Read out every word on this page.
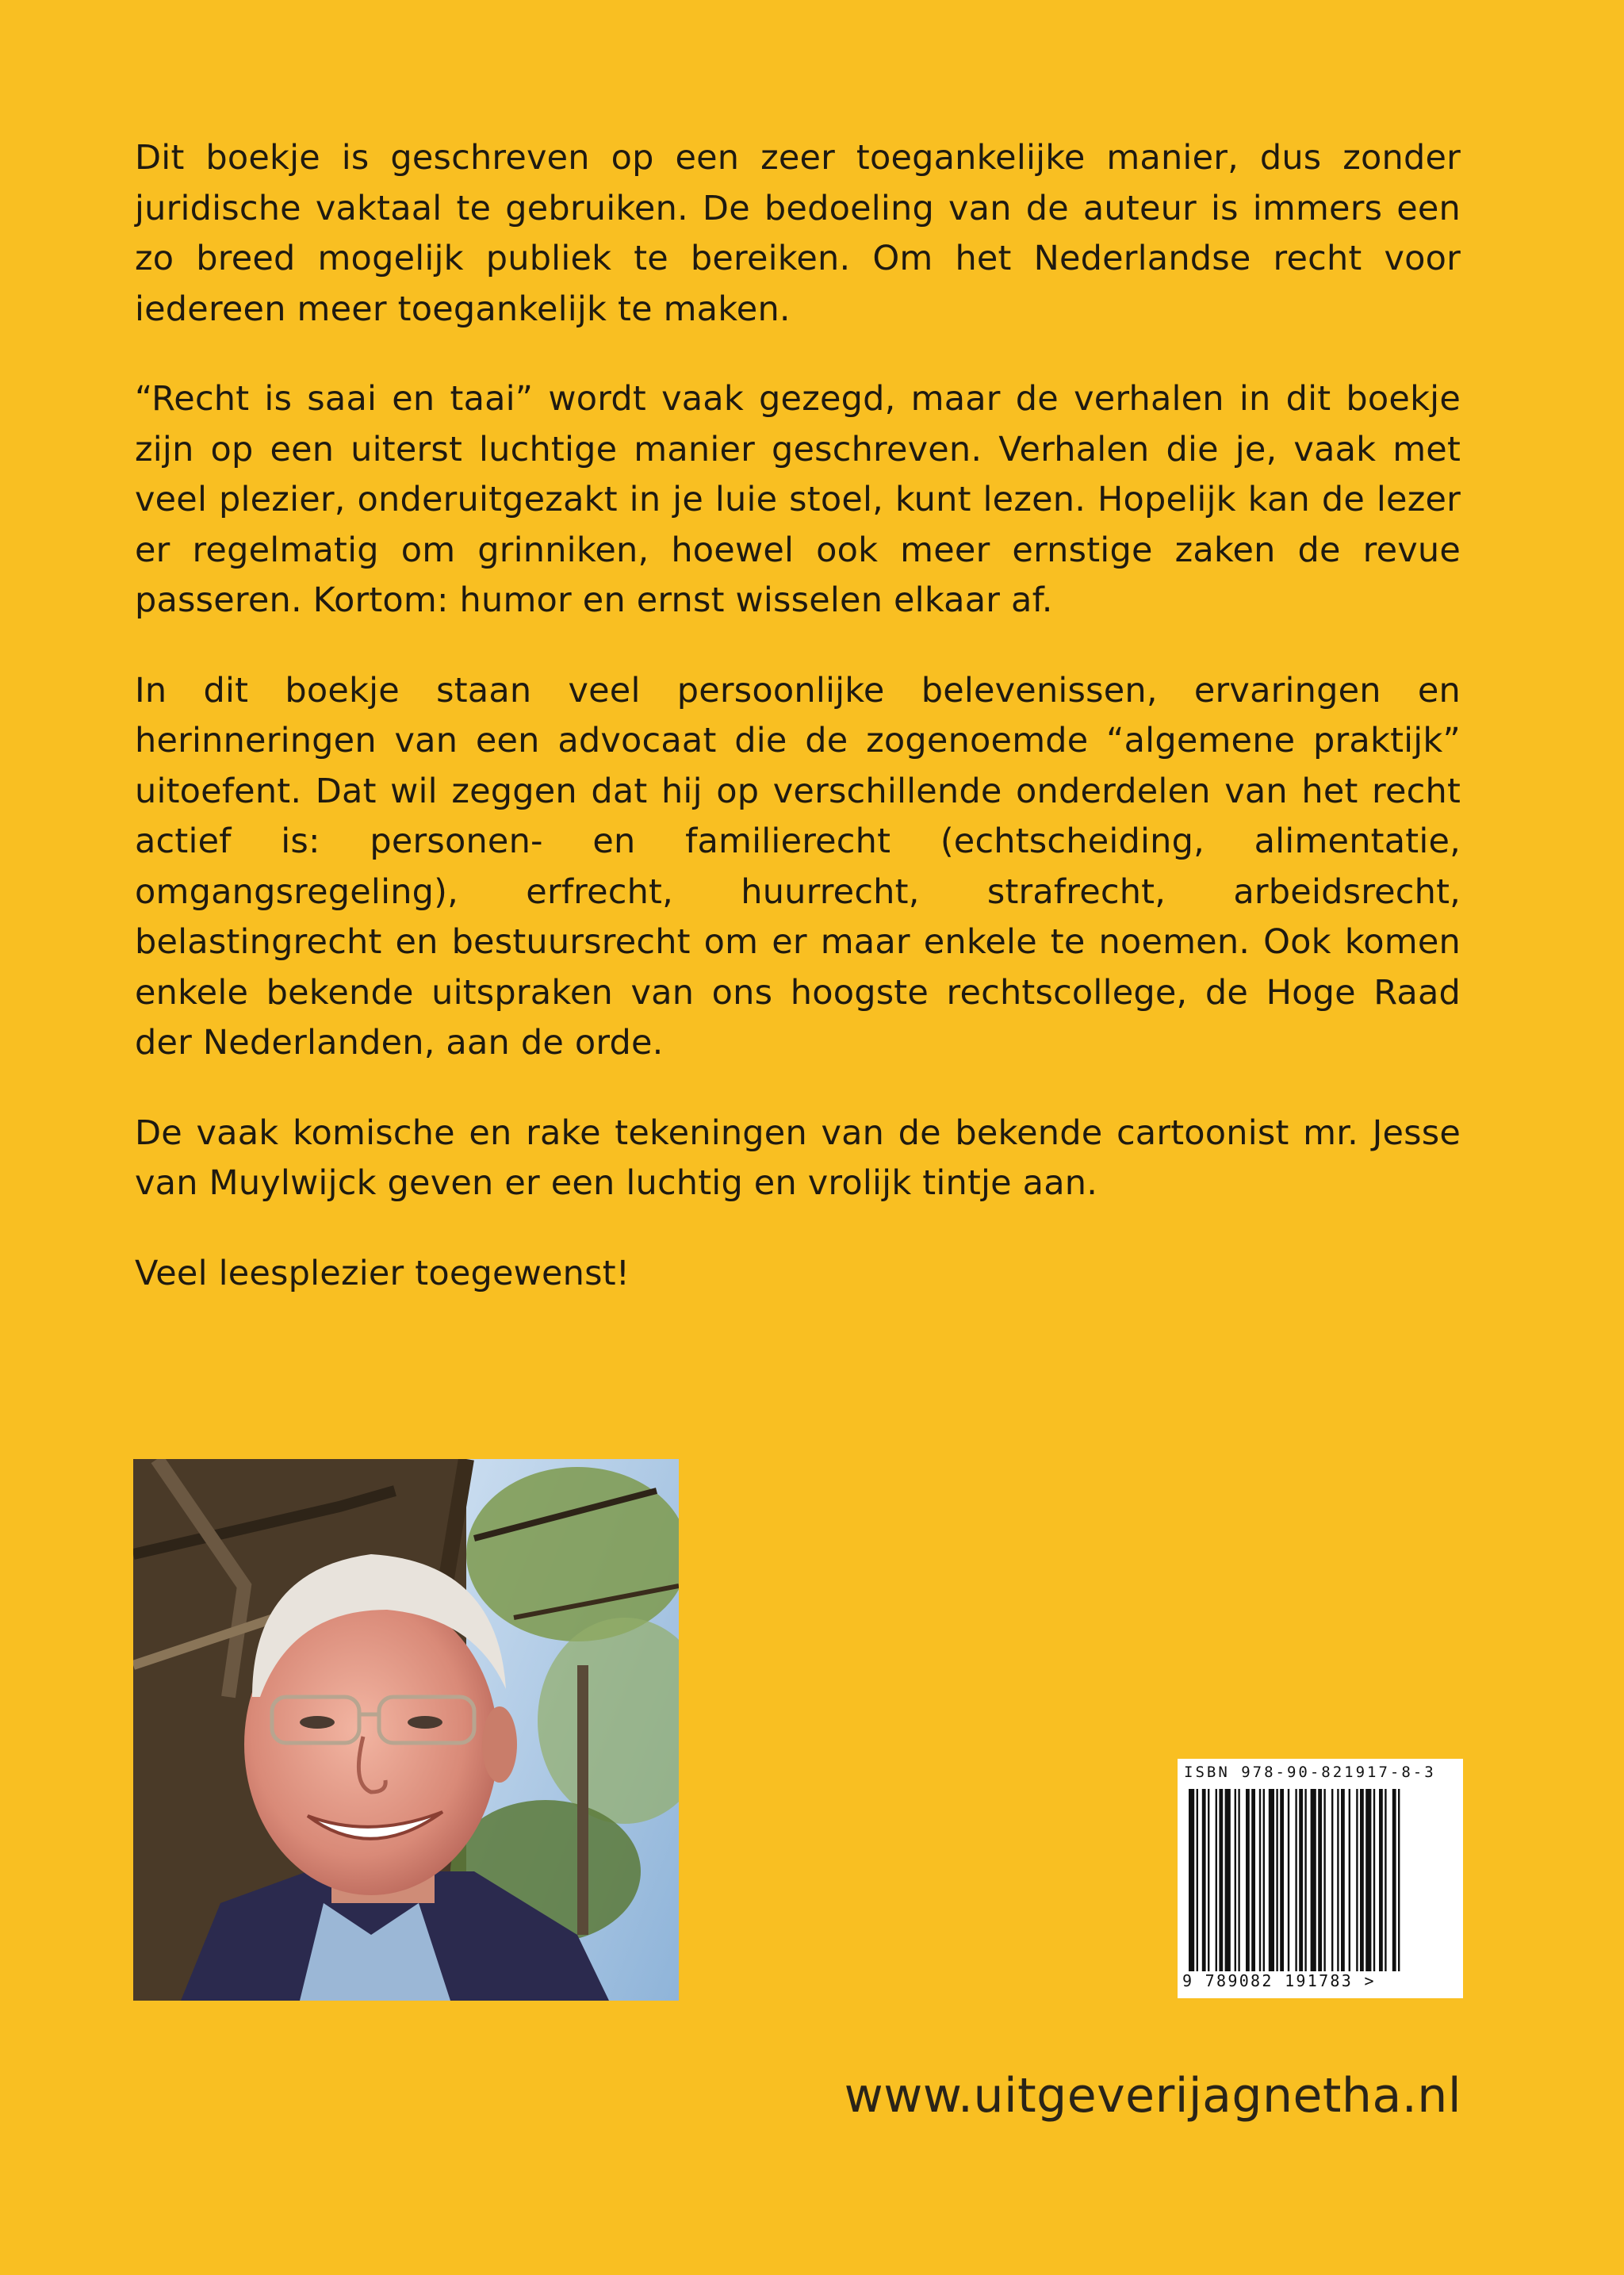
Dit boekje is geschreven op een zeer toegankelijke manier, dus zonder juridische vaktaal te gebruiken. De bedoeling van de auteur is immers een zo breed mogelijk publiek te bereiken. Om het Nederlandse recht voor iedereen meer toegankelijk te maken.

“Recht is saai en taai” wordt vaak gezegd, maar de verhalen in dit boekje zijn op een uiterst luchtige manier geschreven. Verhalen die je, vaak met veel plezier, onderuitgezakt in je luie stoel, kunt lezen. Hopelijk kan de lezer er regelmatig om grinniken, hoewel ook meer ernstige zaken de revue passeren. Kortom: humor en ernst wisselen elkaar af.

In dit boekje staan veel persoonlijke belevenissen, ervaringen en herinneringen van een advocaat die de zogenoemde “algemene praktijk” uitoefent. Dat wil zeggen dat hij op verschillende onderdelen van het recht actief is: personen- en familierecht (echtscheiding, alimentatie, omgangsregeling), erfrecht, huurrecht, strafrecht, arbeidsrecht, belastingrecht en bestuursrecht om er maar enkele te noemen. Ook komen enkele bekende uitspraken van ons hoogste rechtscollege, de Hoge Raad der Nederlanden, aan de orde.

De vaak komische en rake tekeningen van de bekende cartoonist mr. Jesse van Muylwijck geven er een luchtig en vrolijk tintje aan.

Veel leesplezier toegewenst!

ISBN 978-90-821917-8-3
9 789082 191783 >
www.uitgeverijagnetha.nl
